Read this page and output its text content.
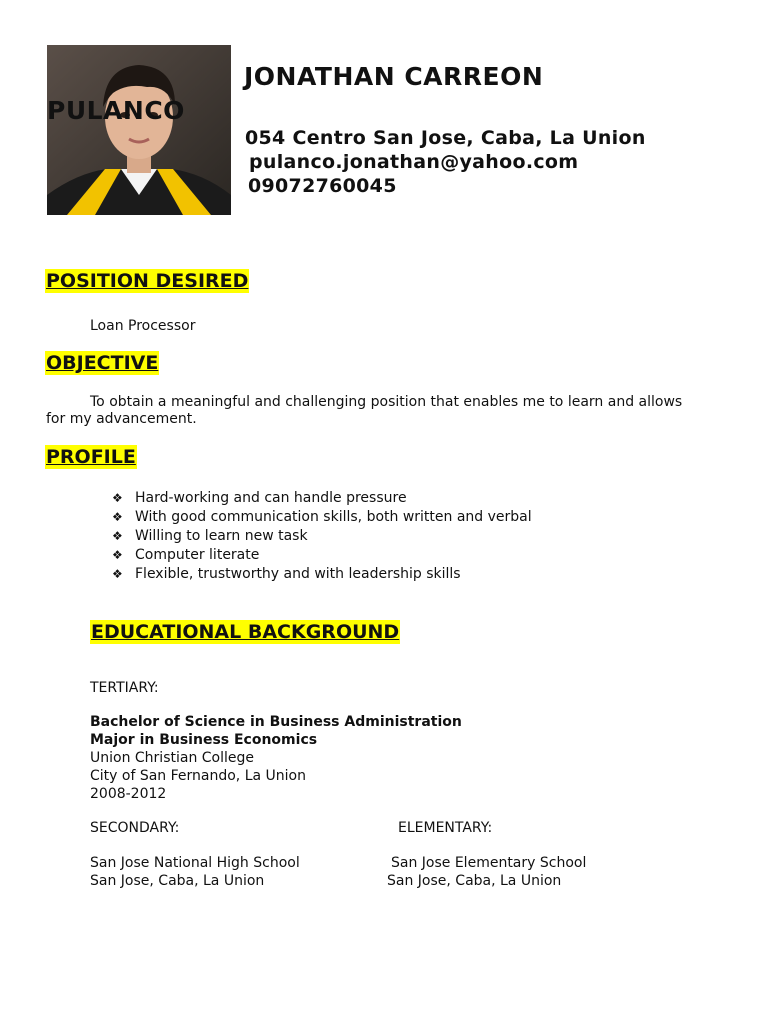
JONATHAN CARREON
PULANCO
054 Centro San Jose, Caba, La Union
pulanco.jonathan@yahoo.com
09072760045
POSITION DESIRED
Loan Processor
OBJECTIVE
To obtain a meaningful and challenging position that enables me to learn and allows
for my advancement.
PROFILE
❖ Hard-working and can handle pressure
❖ With good communication skills, both written and verbal
❖ Willing to learn new task
❖ Computer literate
❖ Flexible, trustworthy and with leadership skills
EDUCATIONAL BACKGROUND
TERTIARY:
Bachelor of Science in Business Administration
Major in Business Economics
Union Christian College
City of San Fernando, La Union
2008-2012
SECONDARY:	ELEMENTARY:
San Jose National High School
San Jose, Caba, La Union
San Jose Elementary School
San Jose, Caba, La Union
